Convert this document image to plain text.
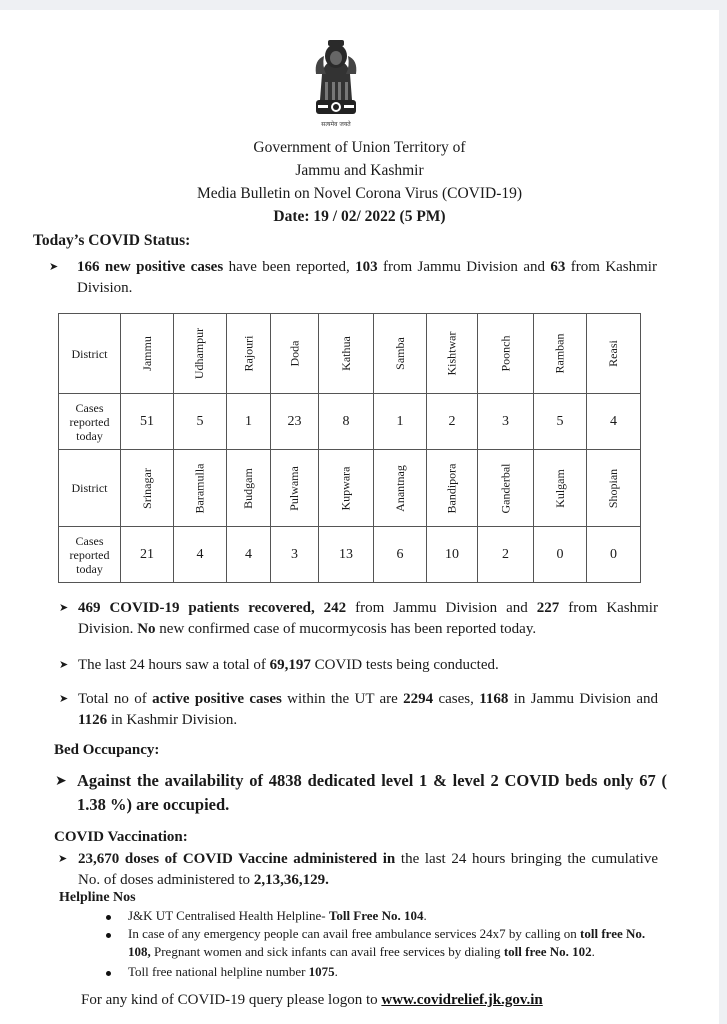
सत्यमेव जयते
Government of Union Territory of
Jammu and Kashmir
Media Bulletin on Novel Corona Virus (COVID-19)
Date: 19 / 02/ 2022 (5 PM)
Today’s COVID Status:
➤ 166 new positive cases have been reported, 103 from Jammu Division and 63 from Kashmir Division.
District	Jammu	Udhampur	Rajouri	Doda	Kathua	Samba	Kishtwar	Poonch	Ramban	Reasi
Cases reported today	51	5	1	23	8	1	2	3	5	4
District	Srinagar	Baramulla	Budgam	Pulwama	Kupwara	Anantnag	Bandipora	Ganderbal	Kulgam	Shopian
Cases reported today	21	4	4	3	13	6	10	2	0	0
➤ 469 COVID-19 patients recovered, 242 from Jammu Division and 227 from Kashmir Division. No new confirmed case of mucormycosis has been reported today.
➤ The last 24 hours saw a total of 69,197 COVID tests being conducted.
➤ Total no of active positive cases within the UT are 2294 cases, 1168 in Jammu Division and 1126 in Kashmir Division.
Bed Occupancy:
➤ Against the availability of 4838 dedicated level 1 & level 2 COVID beds only 67 ( 1.38 %) are occupied.
COVID Vaccination:
➤ 23,670 doses of COVID Vaccine administered in the last 24 hours bringing the cumulative No. of doses administered to 2,13,36,129.
Helpline Nos
J&K UT Centralised Health Helpline- Toll Free No. 104.
In case of any emergency people can avail free ambulance services 24x7 by calling on toll free No. 108, Pregnant women and sick infants can avail free services by dialing toll free No. 102.
Toll free national helpline number 1075.
For any kind of COVID-19 query please logon to www.covidrelief.jk.gov.in
